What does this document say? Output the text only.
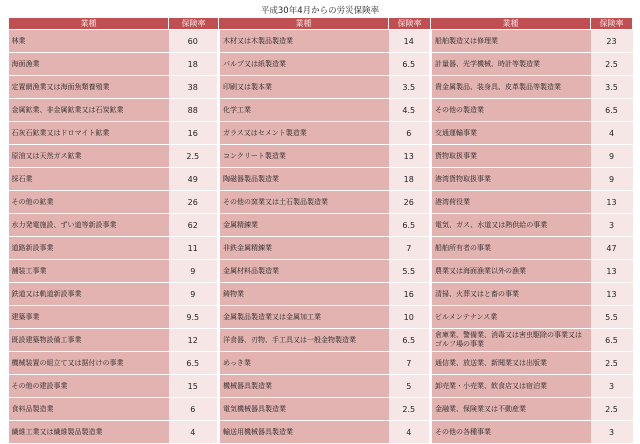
平成30年4月からの労災保険率
業種	保険率	業種	保険率	業種	保険率
林業	60	木材又は木製品製造業	14	船舶製造又は修理業	23
海面漁業	18	パルプ又は紙製造業	6.5	計量器、光学機械、時計等製造業	2.5
定置網漁業又は海面魚類養殖業	38	印刷又は製本業	3.5	貴金属製品、装身具、皮革製品等製造業	3.5
金属鉱業、非金属鉱業又は石炭鉱業	88	化学工業	4.5	その他の製造業	6.5
石灰石鉱業又はドロマイト鉱業	16	ガラス又はセメント製造業	6	交通運輸事業	4
原油又は天然ガス鉱業	2.5	コンクリート製造業	13	貨物取扱事業	9
採石業	49	陶磁器製品製造業	18	港湾貨物取扱事業	9
その他の鉱業	26	その他の窯業又は土石製品製造業	26	港湾荷役業	13
水力発電施設、ずい道等新設事業	62	金属精錬業	6.5	電気、ガス、水道又は熱供給の事業	3
道路新設事業	11	非鉄金属精錬業	7	船舶所有者の事業	47
舗装工事業	9	金属材料品製造業	5.5	農業又は海面漁業以外の漁業	13
鉄道又は軌道新設事業	9	鋳物業	16	清掃、火葬又はと畜の事業	13
建築事業	9.5	金属製品製造業又は金属加工業	10	ビルメンテナンス業	5.5
既設建築物設備工事業	12	洋食器、刃物、手工具又は一般金物製造業	6.5	倉庫業、警備業、消毒又は害虫駆除の事業又はゴルフ場の事業	6.5
機械装置の組立て又は据付けの事業	6.5	めっき業	7	通信業、放送業、新聞業又は出版業	2.5
その他の建設事業	15	機械器具製造業	5	卸売業・小売業、飲食店又は宿泊業	3
食料品製造業	6	電気機械器具製造業	2.5	金融業、保険業又は不動産業	2.5
繊維工業又は繊維製品製造業	4	輸送用機械器具製造業	4	その他の各種事業	3
